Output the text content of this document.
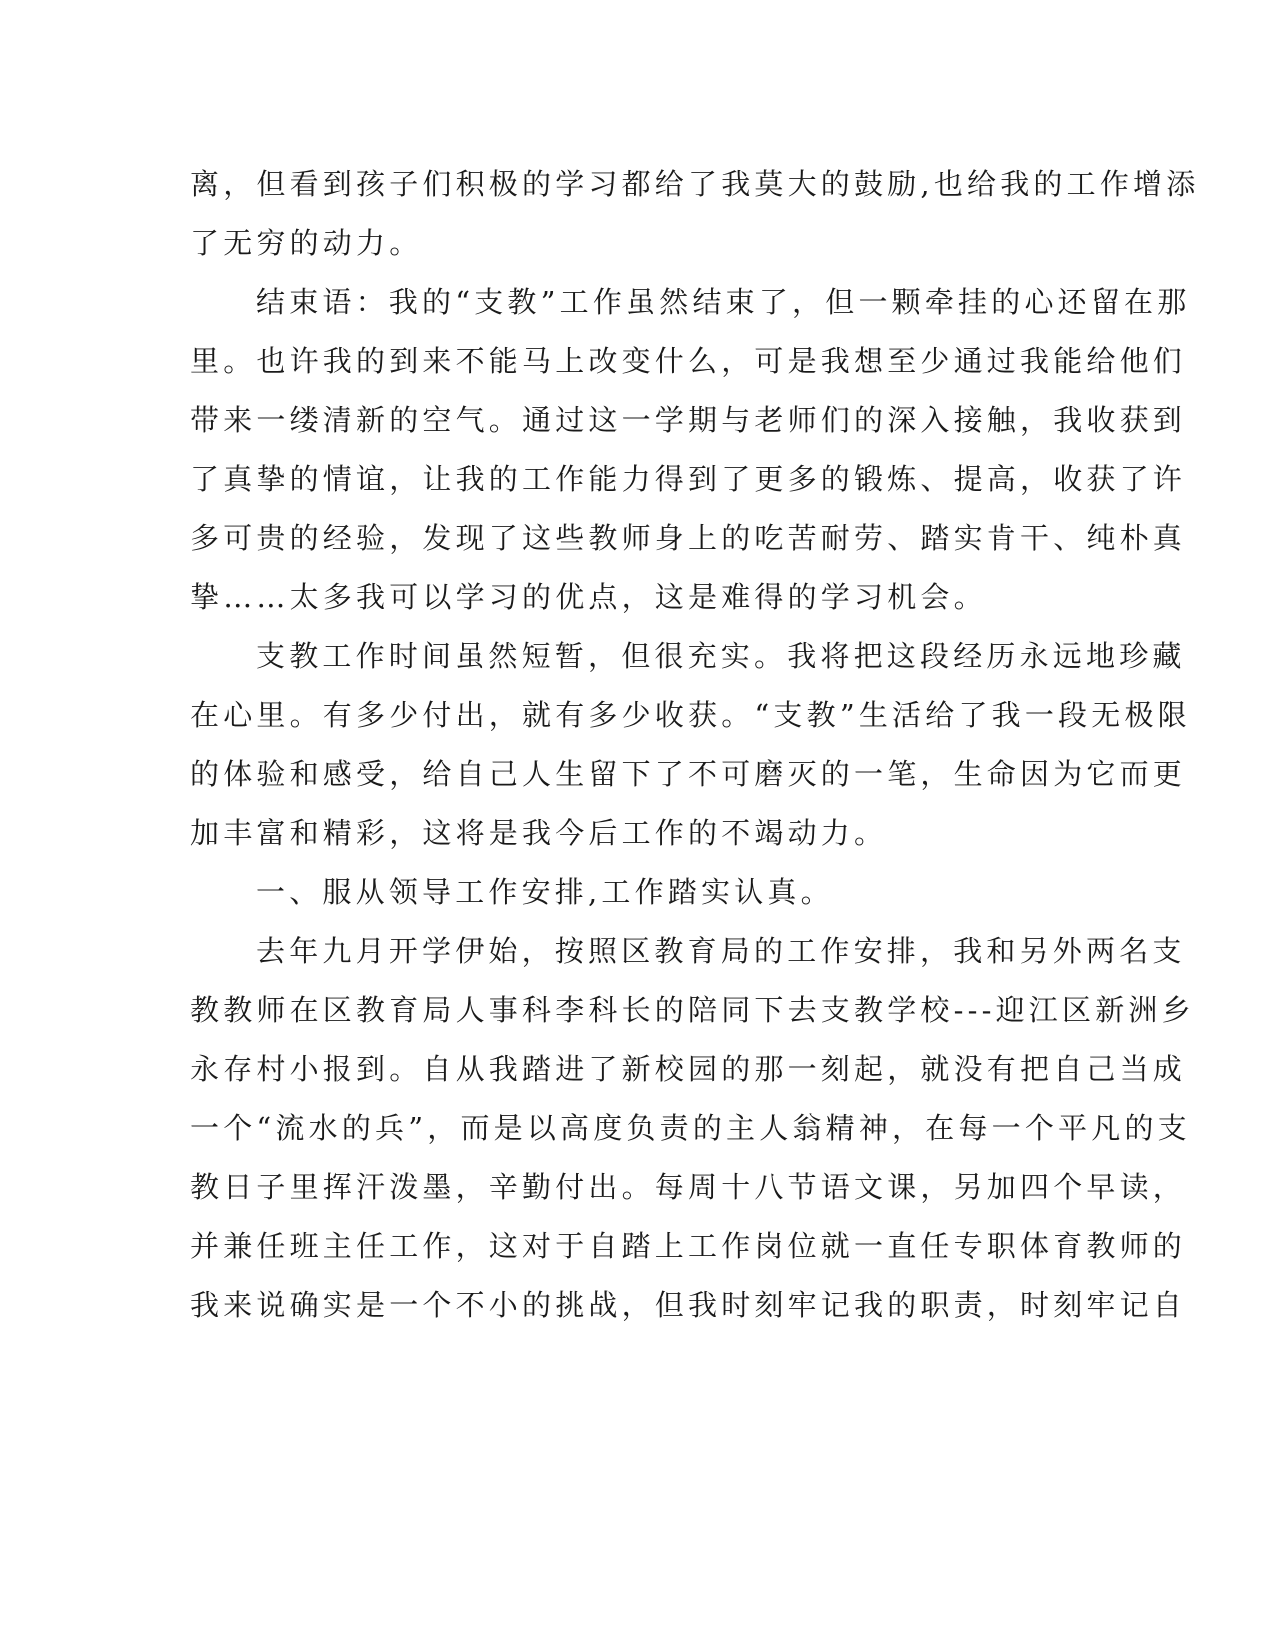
离，但看到孩子们积极的学习都给了我莫大的鼓励,也给我的工作增添
了无穷的动力。
结束语：我的“支教”工作虽然结束了，但一颗牵挂的心还留在那
里。也许我的到来不能马上改变什么，可是我想至少通过我能给他们
带来一缕清新的空气。通过这一学期与老师们的深入接触，我收获到
了真挚的情谊，让我的工作能力得到了更多的锻炼、提高，收获了许
多可贵的经验，发现了这些教师身上的吃苦耐劳、踏实肯干、纯朴真
挚……太多我可以学习的优点，这是难得的学习机会。
支教工作时间虽然短暂，但很充实。我将把这段经历永远地珍藏
在心里。有多少付出，就有多少收获。“支教”生活给了我一段无极限
的体验和感受，给自己人生留下了不可磨灭的一笔，生命因为它而更
加丰富和精彩，这将是我今后工作的不竭动力。
一、服从领导工作安排,工作踏实认真。
去年九月开学伊始，按照区教育局的工作安排，我和另外两名支
教教师在区教育局人事科李科长的陪同下去支教学校---迎江区新洲乡
永存村小报到。自从我踏进了新校园的那一刻起，就没有把自己当成
一个“流水的兵”，而是以高度负责的主人翁精神，在每一个平凡的支
教日子里挥汗泼墨，辛勤付出。每周十八节语文课，另加四个早读，
并兼任班主任工作，这对于自踏上工作岗位就一直任专职体育教师的
我来说确实是一个不小的挑战，但我时刻牢记我的职责，时刻牢记自
